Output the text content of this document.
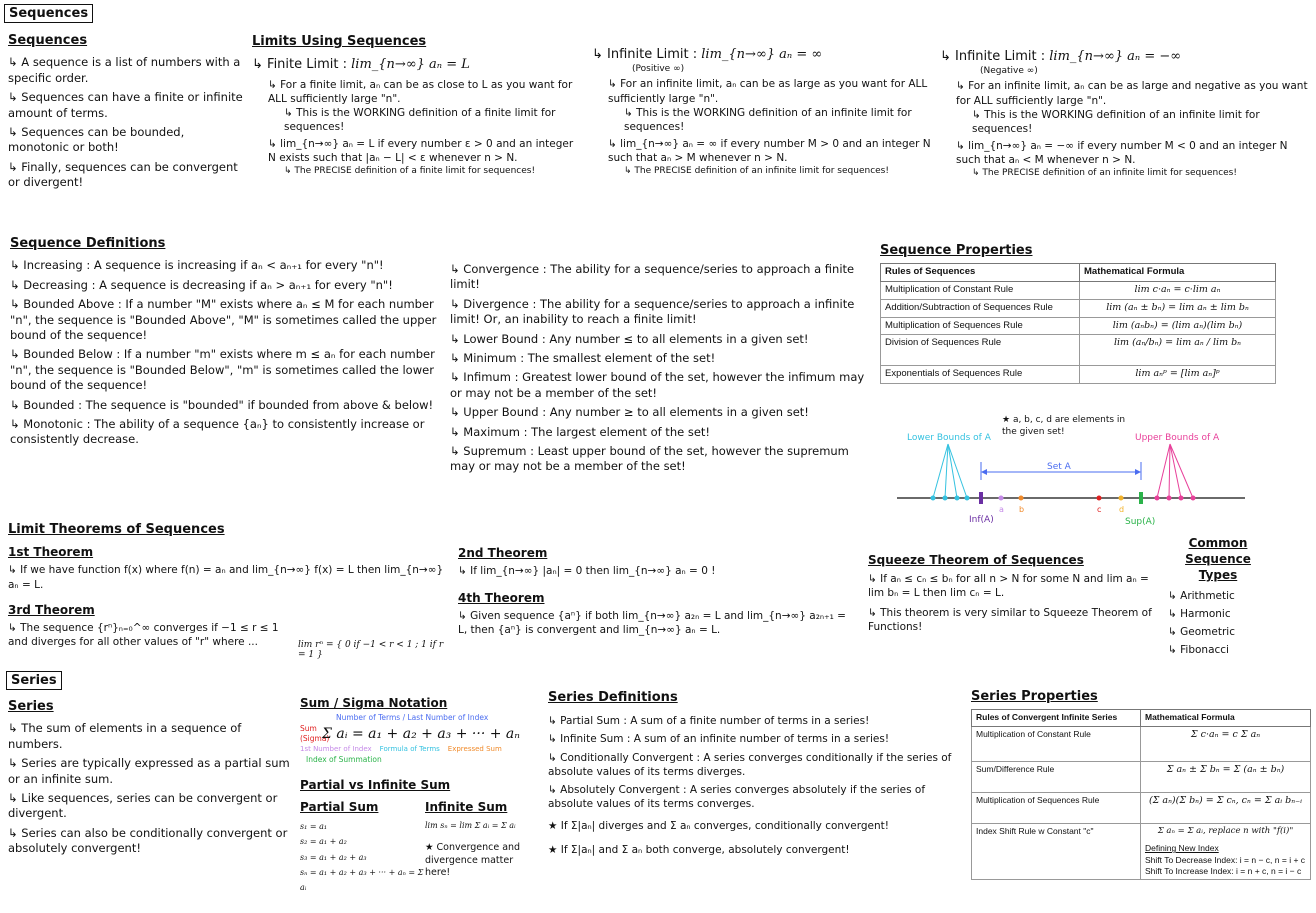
Sequences
Sequences
↳ A sequence is a list of numbers with a specific order.
↳ Sequences can have a finite or infinite amount of terms.
↳ Sequences can be bounded, monotonic or both!
↳ Finally, sequences can be convergent or divergent!
Limits Using Sequences
↳ Finite Limit : lim_{n→∞} aₙ = L
↳ For a finite limit, aₙ can be as close to L as you want for ALL sufficiently large "n".
↳ This is the WORKING definition of a finite limit for sequences!
↳ lim_{n→∞} aₙ = L if every number ε > 0 and an integer N exists such that |aₙ − L| < ε whenever n > N.
↳ The PRECISE definition of a finite limit for sequences!
↳ Infinite Limit : lim_{n→∞} aₙ = ∞
(Positive ∞)
↳ For an infinite limit, aₙ can be as large as you want for ALL sufficiently large "n".
↳ This is the WORKING definition of an infinite limit for sequences!
↳ lim_{n→∞} aₙ = ∞ if every number M > 0 and an integer N such that aₙ > M whenever n > N.
↳ The PRECISE definition of an infinite limit for sequences!
↳ Infinite Limit : lim_{n→∞} aₙ = −∞
(Negative ∞)
↳ For an infinite limit, aₙ can be as large and negative as you want for ALL sufficiently large "n".
↳ This is the WORKING definition of an infinite limit for sequences!
↳ lim_{n→∞} aₙ = −∞ if every number M < 0 and an integer N such that aₙ < M whenever n > N.
↳ The PRECISE definition of an infinite limit for sequences!
Sequence Definitions
↳ Increasing : A sequence is increasing if aₙ < aₙ₊₁ for every "n"!
↳ Decreasing : A sequence is decreasing if aₙ > aₙ₊₁ for every "n"!
↳ Bounded Above : If a number "M" exists where aₙ ≤ M for each number "n", the sequence is "Bounded Above", "M" is sometimes called the upper bound of the sequence!
↳ Bounded Below : If a number "m" exists where m ≤ aₙ for each number "n", the sequence is "Bounded Below", "m" is sometimes called the lower bound of the sequence!
↳ Bounded : The sequence is "bounded" if bounded from above & below!
↳ Monotonic : The ability of a sequence {aₙ} to consistently increase or consistently decrease.
↳ Convergence : The ability for a sequence/series to approach a finite limit!
↳ Divergence : The ability for a sequence/series to approach a infinite limit! Or, an inability to reach a finite limit!
↳ Lower Bound : Any number ≤ to all elements in a given set!
↳ Minimum : The smallest element of the set!
↳ Infimum : Greatest lower bound of the set, however the infimum may or may not be a member of the set!
↳ Upper Bound : Any number ≥ to all elements in a given set!
↳ Maximum : The largest element of the set!
↳ Supremum : Least upper bound of the set, however the supremum may or may not be a member of the set!
Sequence Properties
Rules of Sequences	Mathematical Formula
Multiplication of Constant Rule	lim c·aₙ = c·lim aₙ
Addition/Subtraction of Sequences Rule	lim (aₙ ± bₙ) = lim aₙ ± lim bₙ
Multiplication of Sequences Rule	lim (aₙbₙ) = (lim aₙ)(lim bₙ)
Division of Sequences Rule	lim (aₙ/bₙ) = lim aₙ / lim bₙ
Exponentials of Sequences Rule	lim aₙᵖ = [lim aₙ]ᵖ
★ a, b, c, d are elements in the given set!
Lower Bounds of A	Upper Bounds of A
Set A
a b	c d
Inf(A)	Sup(A)
Limit Theorems of Sequences
1st Theorem
↳ If we have function f(x) where f(n) = aₙ and lim_{n→∞} f(x) = L then lim_{n→∞} aₙ = L.
3rd Theorem
↳ The sequence {rⁿ}ₙ₌₀^∞ converges if −1 ≤ r ≤ 1 and diverges for all other values of "r" where ...	lim rⁿ = { 0 if −1 < r < 1 ; 1 if r = 1 }
2nd Theorem
↳ If lim_{n→∞} |aₙ| = 0 then lim_{n→∞} aₙ = 0 !
4th Theorem
↳ Given sequence {aⁿ} if both lim_{n→∞} a₂ₙ = L and lim_{n→∞} a₂ₙ₊₁ = L, then {aⁿ} is convergent and lim_{n→∞} aₙ = L.
Squeeze Theorem of Sequences
↳ If aₙ ≤ cₙ ≤ bₙ for all n > N for some N and lim aₙ = lim bₙ = L then lim cₙ = L.
↳ This theorem is very similar to Squeeze Theorem of Functions!
Common Sequence Types
↳ Arithmetic
↳ Harmonic
↳ Geometric
↳ Fibonacci
Series
Series
↳ The sum of elements in a sequence of numbers.
↳ Series are typically expressed as a partial sum or an infinite sum.
↳ Like sequences, series can be convergent or divergent.
↳ Series can also be conditionally convergent or absolutely convergent!
Sum / Sigma Notation
Number of Terms / Last Number of Index
Sum (Sigma)
Σ aᵢ = a₁ + a₂ + a₃ + ··· + aₙ
1st Number of Index Formula of Terms Expressed Sum
Index of Summation
Partial vs Infinite Sum
Partial Sum
s₁ = a₁
s₂ = a₁ + a₂
s₃ = a₁ + a₂ + a₃
sₙ = a₁ + a₂ + a₃ + ··· + aₙ = Σ aᵢ
Infinite Sum
lim sₙ = lim Σ aᵢ = Σ aᵢ
★ Convergence and divergence matter here!
Series Definitions
↳ Partial Sum : A sum of a finite number of terms in a series!
↳ Infinite Sum : A sum of an infinite number of terms in a series!
↳ Conditionally Convergent : A series converges conditionally if the series of absolute values of its terms diverges.
↳ Absolutely Convergent : A series converges absolutely if the series of absolute values of its terms converges.
★ If Σ|aₙ| diverges and Σ aₙ converges, conditionally convergent!
★ If Σ|aₙ| and Σ aₙ both converge, absolutely convergent!
Series Properties
Rules of Convergent Infinite Series	Mathematical Formula
Multiplication of Constant Rule	Σ c·aₙ = c Σ aₙ
Sum/Difference Rule	Σ aₙ ± Σ bₙ = Σ (aₙ ± bₙ)
Multiplication of Sequences Rule	(Σ aₙ)(Σ bₙ) = Σ cₙ, cₙ = Σ aᵢ bₙ₋ᵢ
Index Shift Rule w Constant "c"	Σ aₙ = Σ aᵢ, replace n with "f(i)"
Defining New Index
Shift To Decrease Index: i = n − c, n = i + c
Shift To Increase Index: i = n + c, n = i − c
